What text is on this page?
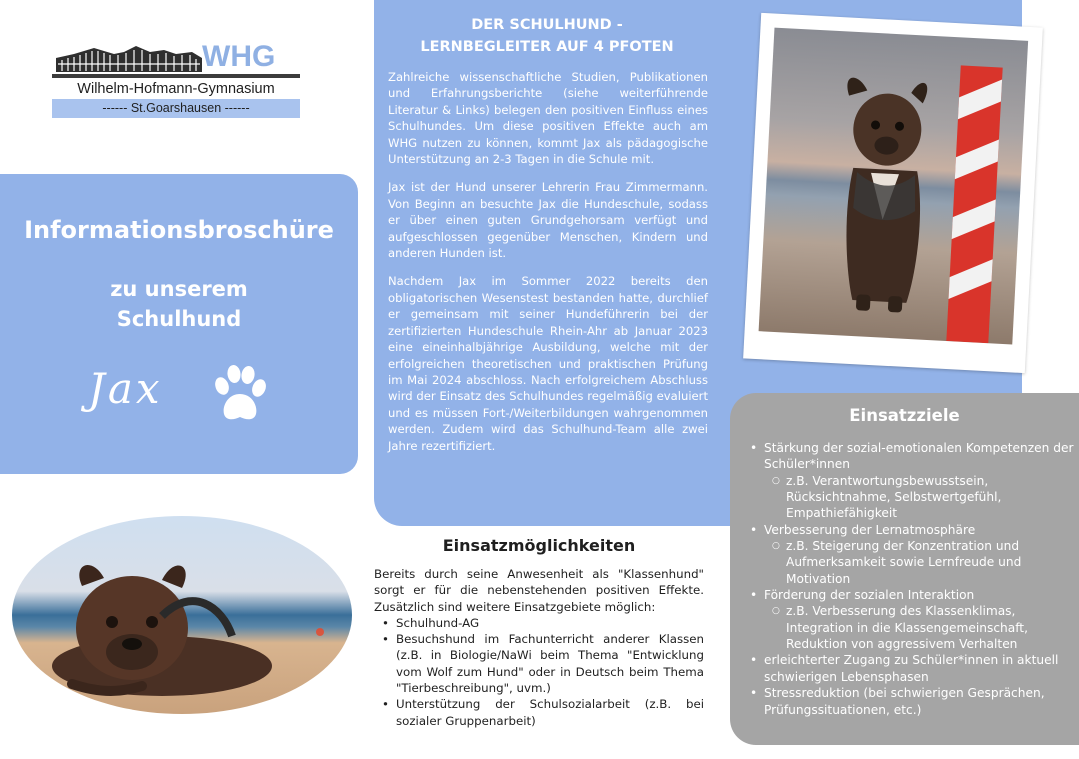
WHG
Wilhelm-Hofmann-Gymnasium
------ St.Goarshausen ------
Informationsbroschüre
zu unserem
Schulhund
Jax
DER SCHULHUND -
LERNBEGLEITER AUF 4 PFOTEN

Zahlreiche wissenschaftliche Studien, Publikationen und Erfahrungsberichte (siehe weiterführende Literatur & Links) belegen den positiven Einfluss eines Schulhundes. Um diese positiven Effekte auch am WHG nutzen zu können, kommt Jax als pädagogische Unterstützung an 2-3 Tagen in die Schule mit.

Jax ist der Hund unserer Lehrerin Frau Zimmermann. Von Beginn an besuchte Jax die Hundeschule, sodass er über einen guten Grundgehorsam verfügt und aufgeschlossen gegenüber Menschen, Kindern und anderen Hunden ist.

Nachdem Jax im Sommer 2022 bereits den obligatorischen Wesenstest bestanden hatte, durchlief er gemeinsam mit seiner Hundeführerin bei der zertifizierten Hundeschule Rhein-Ahr ab Januar 2023 eine eineinhalbjährige Ausbildung, welche mit der erfolgreichen theoretischen und praktischen Prüfung im Mai 2024 abschloss. Nach erfolgreichem Abschluss wird der Einsatz des Schulhundes regelmäßig evaluiert und es müssen Fort-/Weiterbildungen wahrgenommen werden. Zudem wird das Schulhund-Team alle zwei Jahre rezertifiziert.

Einsatzmöglichkeiten
Bereits durch seine Anwesenheit als "Klassenhund" sorgt er für die nebenstehenden positiven Effekte. Zusätzlich sind weitere Einsatzgebiete möglich:
• Schulhund-AG
• Besuchshund im Fachunterricht anderer Klassen (z.B. in Biologie/NaWi beim Thema "Entwicklung vom Wolf zum Hund" oder in Deutsch beim Thema "Tierbeschreibung", uvm.)
• Unterstützung der Schulsozialarbeit (z.B. bei sozialer Gruppenarbeit)
Einsatzziele
• Stärkung der sozial-emotionalen Kompetenzen der Schüler*innen
○ z.B. Verantwortungsbewusstsein, Rücksichtnahme, Selbstwertgefühl, Empathiefähigkeit
• Verbesserung der Lernatmosphäre
○ z.B. Steigerung der Konzentration und Aufmerksamkeit sowie Lernfreude und Motivation
• Förderung der sozialen Interaktion
○ z.B. Verbesserung des Klassenklimas, Integration in die Klassengemeinschaft, Reduktion von aggressivem Verhalten
• erleichterter Zugang zu Schüler*innen in aktuell schwierigen Lebensphasen
• Stressreduktion (bei schwierigen Gesprächen, Prüfungssituationen, etc.)
